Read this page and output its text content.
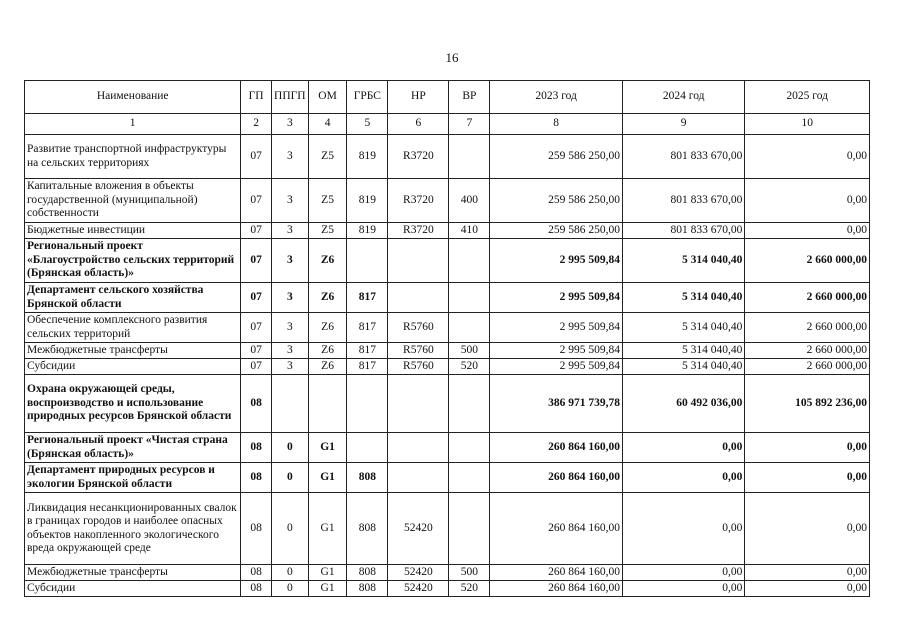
16
Наименование	ГП	ППГП	ОМ	ГРБС	НР	ВР	2023 год	2024 год	2025 год
1	2	3	4	5	6	7	8	9	10
Развитие транспортной инфраструктуры на сельских территориях	07	3	Z5	819	R3720		259 586 250,00	801 833 670,00	0,00
Капитальные вложения в объекты государственной (муниципальной) собственности	07	3	Z5	819	R3720	400	259 586 250,00	801 833 670,00	0,00
Бюджетные инвестиции	07	3	Z5	819	R3720	410	259 586 250,00	801 833 670,00	0,00
Региональный проект «Благоустройство сельских территорий (Брянская область)»	07	3	Z6				2 995 509,84	5 314 040,40	2 660 000,00
Департамент сельского хозяйства Брянской области	07	3	Z6	817			2 995 509,84	5 314 040,40	2 660 000,00
Обеспечение комплексного развития сельских территорий	07	3	Z6	817	R5760		2 995 509,84	5 314 040,40	2 660 000,00
Межбюджетные трансферты	07	3	Z6	817	R5760	500	2 995 509,84	5 314 040,40	2 660 000,00
Субсидии	07	3	Z6	817	R5760	520	2 995 509,84	5 314 040,40	2 660 000,00
Охрана окружающей среды, воспроизводство и использование природных ресурсов Брянской области	08						386 971 739,78	60 492 036,00	105 892 236,00
Региональный проект «Чистая страна (Брянская область)»	08	0	G1				260 864 160,00	0,00	0,00
Департамент природных ресурсов и экологии Брянской области	08	0	G1	808			260 864 160,00	0,00	0,00
Ликвидация несанкционированных свалок в границах городов и наиболее опасных объектов накопленного экологического вреда окружающей среде	08	0	G1	808	52420		260 864 160,00	0,00	0,00
Межбюджетные трансферты	08	0	G1	808	52420	500	260 864 160,00	0,00	0,00
Субсидии	08	0	G1	808	52420	520	260 864 160,00	0,00	0,00
